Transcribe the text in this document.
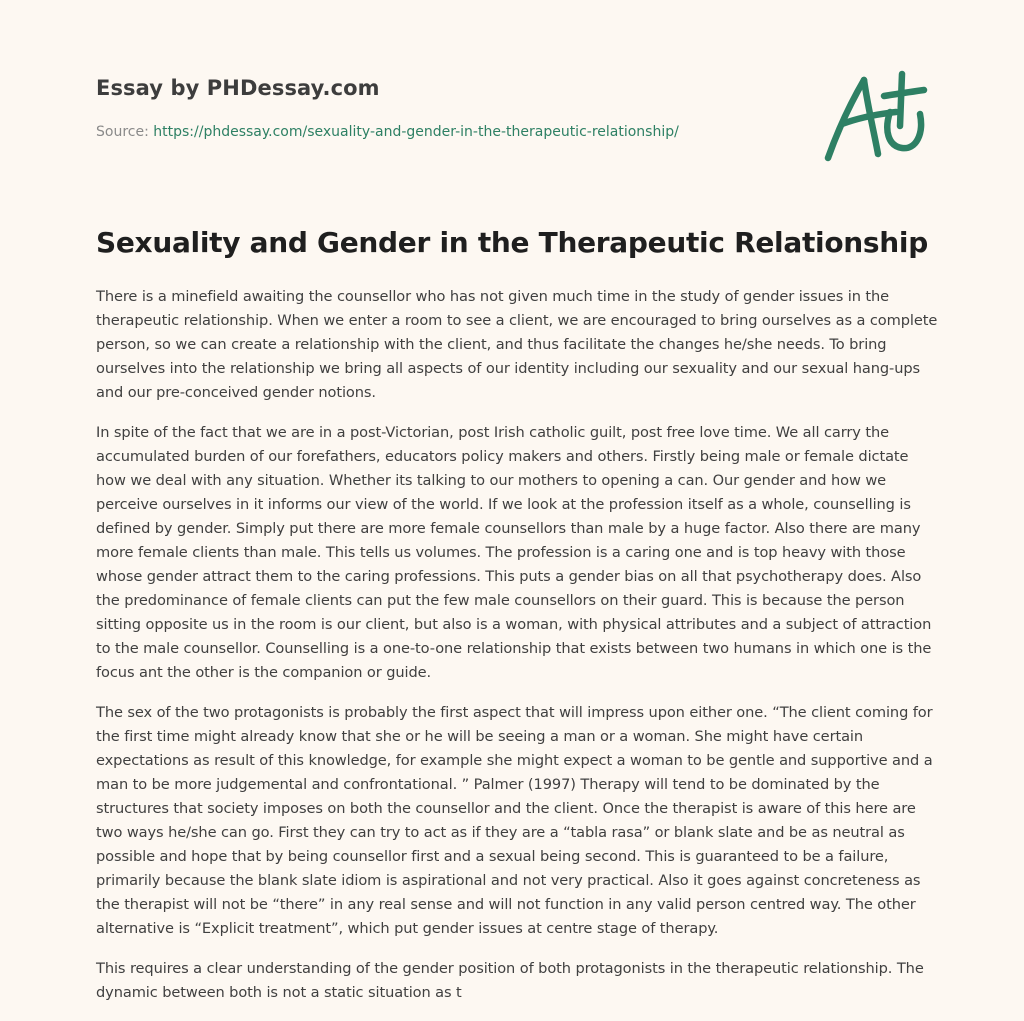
Essay by PHDessay.com
Source: https://phdessay.com/sexuality-and-gender-in-the-therapeutic-relationship/
Sexuality and Gender in the Therapeutic Relationship

There is a minefield awaiting the counsellor who has not given much time in the study of gender issues in the therapeutic relationship. When we enter a room to see a client, we are encouraged to bring ourselves as a complete person, so we can create a relationship with the client, and thus facilitate the changes he/she needs. To bring ourselves into the relationship we bring all aspects of our identity including our sexuality and our sexual hang-ups and our pre-conceived gender notions.

In spite of the fact that we are in a post-Victorian, post Irish catholic guilt, post free love time. We all carry the accumulated burden of our forefathers, educators policy makers and others. Firstly being male or female dictate how we deal with any situation. Whether its talking to our mothers to opening a can. Our gender and how we perceive ourselves in it informs our view of the world. If we look at the profession itself as a whole, counselling is defined by gender. Simply put there are more female counsellors than male by a huge factor. Also there are many more female clients than male. This tells us volumes. The profession is a caring one and is top heavy with those whose gender attract them to the caring professions. This puts a gender bias on all that psychotherapy does. Also the predominance of female clients can put the few male counsellors on their guard. This is because the person sitting opposite us in the room is our client, but also is a woman, with physical attributes and a subject of attraction to the male counsellor. Counselling is a one-to-one relationship that exists between two humans in which one is the focus ant the other is the companion or guide.

The sex of the two protagonists is probably the first aspect that will impress upon either one. “The client coming for the first time might already know that she or he will be seeing a man or a woman. She might have certain expectations as result of this knowledge, for example she might expect a woman to be gentle and supportive and a man to be more judgemental and confrontational. ” Palmer (1997) Therapy will tend to be dominated by the structures that society imposes on both the counsellor and the client. Once the therapist is aware of this here are two ways he/she can go. First they can try to act as if they are a “tabla rasa” or blank slate and be as neutral as possible and hope that by being counsellor first and a sexual being second. This is guaranteed to be a failure, primarily because the blank slate idiom is aspirational and not very practical. Also it goes against concreteness as the therapist will not be “there” in any real sense and will not function in any valid person centred way. The other alternative is “Explicit treatment”, which put gender issues at centre stage of therapy.

This requires a clear understanding of the gender position of both protagonists in the therapeutic relationship. The dynamic between both is not a static situation as t
